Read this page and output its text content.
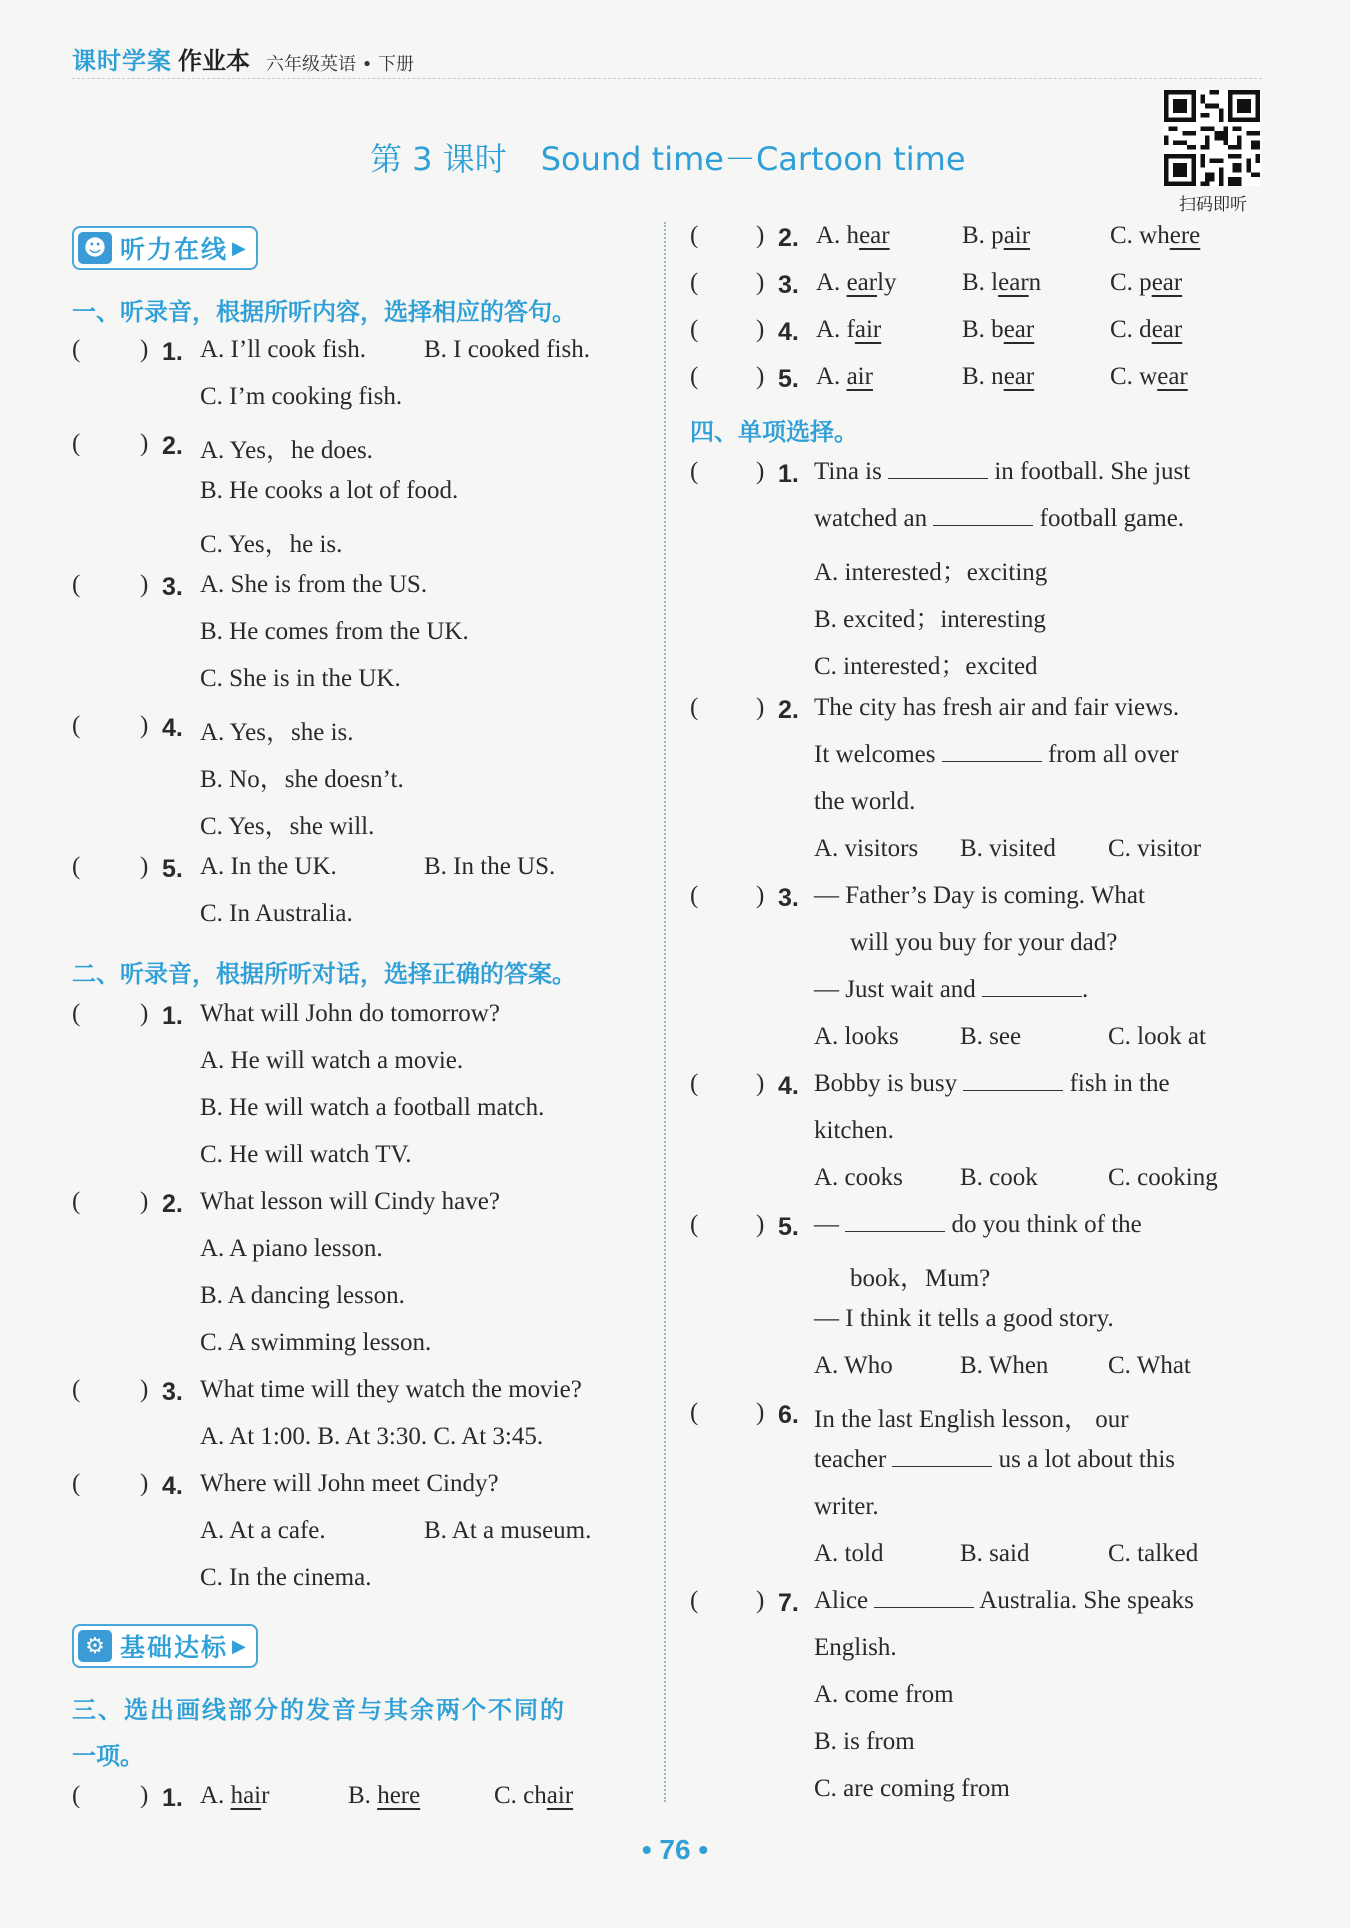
课时学案 作业本 六年级英语 • 下册
第 3 课时 Sound time－Cartoon time
扫码即听
☻ 听力在线 ▶
一、听录音，根据所听内容，选择相应的答句。
( ) 1. A. I’ll cook fish. B. I cooked fish.
C. I’m cooking fish.
( ) 2. A. Yes，he does.
B. He cooks a lot of food.
C. Yes，he is.
( ) 3. A. She is from the US.
B. He comes from the UK.
C. She is in the UK.
( ) 4. A. Yes，she is.
B. No，she doesn’t.
C. Yes，she will.
( ) 5. A. In the UK.	B. In the US.
C. In Australia.
二、听录音，根据所听对话，选择正确的答案。
( ) 1. What will John do tomorrow?
A. He will watch a movie.
B. He will watch a football match.
C. He will watch TV.
( ) 2. What lesson will Cindy have?
A. A piano lesson.
B. A dancing lesson.
C. A swimming lesson.
( ) 3. What time will they watch the movie?
A. At 1:00. B. At 3:30. C. At 3:45.
( ) 4. Where will John meet Cindy?
A. At a cafe.	B. At a museum.
C. In the cinema.
⚙ 基础达标 ▶
三、选出画线部分的发音与其余两个不同的
一项。
( ) 1. A. hair	B. here	C. chair
( ) 2. A. hear	B. pair	C. where
( ) 3. A. early	B. learn	C. pear
( ) 4. A. fair	B. bear	C. dear
( ) 5. A. air	B. near	C. wear
四、单项选择。
( ) 1. Tina is	in football. She just
watched an	football game.
A. interested；exciting
B. excited；interesting
C. interested；excited
( ) 2. The city has fresh air and fair views.
It welcomes	from all over
the world.
A. visitors B. visited C. visitor
( ) 3. — Father’s Day is coming. What
will you buy for your dad?
— Just wait and	.
A. looks B. see	C. look at
( ) 4. Bobby is busy	fish in the
kitchen.
A. cooks B. cook	C. cooking
( ) 5. —	do you think of the
book，Mum?
— I think it tells a good story.
A. Who	B. When C. What
( ) 6. In the last English lesson， our
teacher	us a lot about this
writer.
A. told	B. said	C. talked
( ) 7. Alice	Australia. She speaks
English.
A. come from
B. is from
C. are coming from
• 76 •
